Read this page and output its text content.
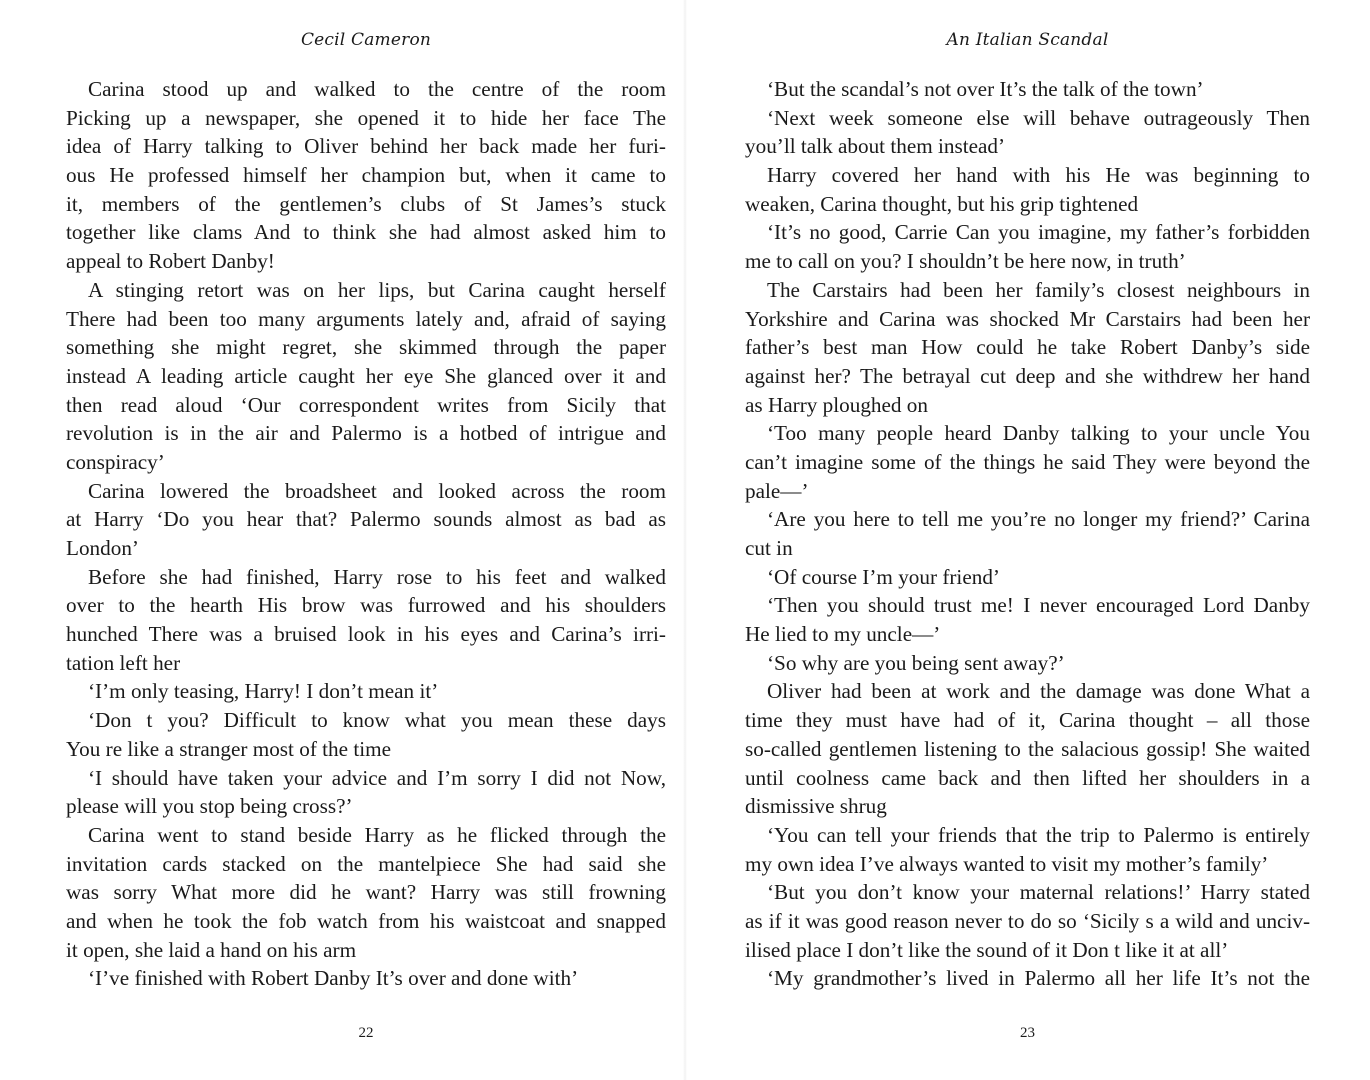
Cecil Cameron
Carina stood up and walked to the centre of the room
Picking up a newspaper, she opened it to hide her face The
idea of Harry talking to Oliver behind her back made her furi-
ous He professed himself her champion but, when it came to
it, members of the gentlemen’s clubs of St James’s stuck
together like clams And to think she had almost asked him to
appeal to Robert Danby!
A stinging retort was on her lips, but Carina caught herself
There had been too many arguments lately and, afraid of saying
something she might regret, she skimmed through the paper
instead A leading article caught her eye She glanced over it and
then read aloud ‘Our correspondent writes from Sicily that
revolution is in the air and Palermo is a hotbed of intrigue and
conspiracy’
Carina lowered the broadsheet and looked across the room
at Harry ‘Do you hear that? Palermo sounds almost as bad as
London’
Before she had finished, Harry rose to his feet and walked
over to the hearth His brow was furrowed and his shoulders
hunched There was a bruised look in his eyes and Carina’s irri-
tation left her
‘I’m only teasing, Harry! I don’t mean it’
‘Don t you? Difficult to know what you mean these days
You re like a stranger most of the time
‘I should have taken your advice and I’m sorry I did not Now,
please will you stop being cross?’
Carina went to stand beside Harry as he flicked through the
invitation cards stacked on the mantelpiece She had said she
was sorry What more did he want? Harry was still frowning
and when he took the fob watch from his waistcoat and snapped
it open, she laid a hand on his arm
‘I’ve finished with Robert Danby It’s over and done with’
22
An Italian Scandal
‘But the scandal’s not over It’s the talk of the town’
‘Next week someone else will behave outrageously Then
you’ll talk about them instead’
Harry covered her hand with his He was beginning to
weaken, Carina thought, but his grip tightened
‘It’s no good, Carrie Can you imagine, my father’s forbidden
me to call on you? I shouldn’t be here now, in truth’
The Carstairs had been her family’s closest neighbours in
Yorkshire and Carina was shocked Mr Carstairs had been her
father’s best man How could he take Robert Danby’s side
against her? The betrayal cut deep and she withdrew her hand
as Harry ploughed on
‘Too many people heard Danby talking to your uncle You
can’t imagine some of the things he said They were beyond the
pale—’
‘Are you here to tell me you’re no longer my friend?’ Carina
cut in
‘Of course I’m your friend’
‘Then you should trust me! I never encouraged Lord Danby
He lied to my uncle—’
‘So why are you being sent away?’
Oliver had been at work and the damage was done What a
time they must have had of it, Carina thought – all those
so-called gentlemen listening to the salacious gossip! She waited
until coolness came back and then lifted her shoulders in a
dismissive shrug
‘You can tell your friends that the trip to Palermo is entirely
my own idea I’ve always wanted to visit my mother’s family’
‘But you don’t know your maternal relations!’ Harry stated
as if it was good reason never to do so ‘Sicily s a wild and unciv-
ilised place I don’t like the sound of it Don t like it at all’
‘My grandmother’s lived in Palermo all her life It’s not the
23
